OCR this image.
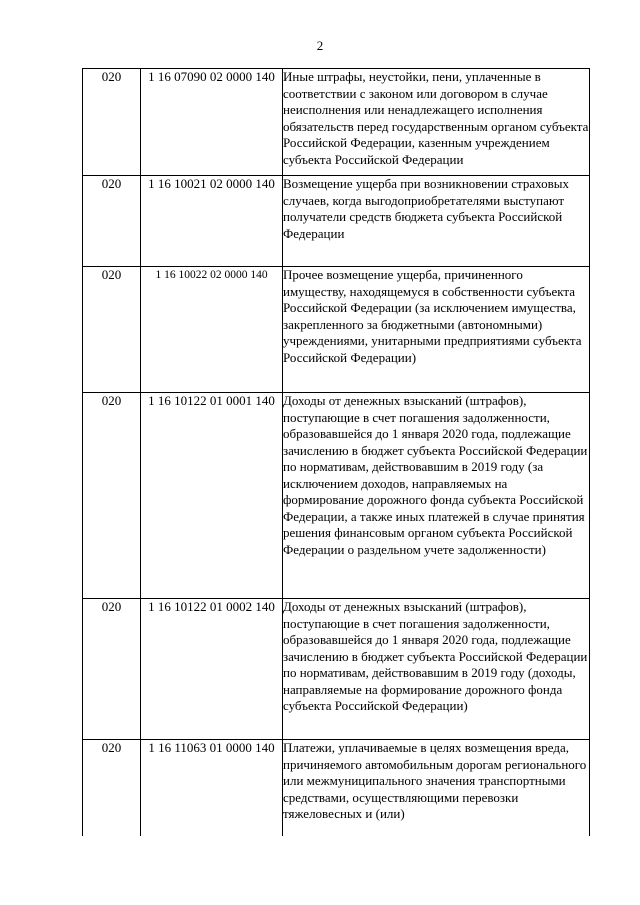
2
020	1 16 07090 02 0000 140	Иные штрафы, неустойки, пени, уплаченные в соответствии с законом или договором в случае неисполнения или ненадлежащего исполнения обязательств перед государственным органом субъекта Российской Федерации, казенным учреждением субъекта Российской Федерации
020	1 16 10021 02 0000 140	Возмещение ущерба при возникновении страховых случаев, когда выгодоприобретателями выступают получатели средств бюджета субъекта Российской Федерации
020	1 16 10022 02 0000 140	Прочее возмещение ущерба, причиненного имуществу, находящемуся в собственности субъекта Российской Федерации (за исключением имущества, закрепленного за бюджетными (автономными) учреждениями, унитарными предприятиями субъекта Российской Федерации)
020	1 16 10122 01 0001 140	Доходы от денежных взысканий (штрафов), поступающие в счет погашения задолженности, образовавшейся до 1 января 2020 года, подлежащие зачислению в бюджет субъекта Российской Федерации по нормативам, действовавшим в 2019 году (за исключением доходов, направляемых на формирование дорожного фонда субъекта Российской Федерации, а также иных платежей в случае принятия решения финансовым органом субъекта Российской Федерации о раздельном учете задолженности)
020	1 16 10122 01 0002 140	Доходы от денежных взысканий (штрафов), поступающие в счет погашения задолженности, образовавшейся до 1 января 2020 года, подлежащие зачислению в бюджет субъекта Российской Федерации по нормативам, действовавшим в 2019 году (доходы, направляемые на формирование дорожного фонда субъекта Российской Федерации)
020	1 16 11063 01 0000 140	Платежи, уплачиваемые в целях возмещения вреда, причиняемого автомобильным дорогам регионального или межмуниципального значения транспортными средствами, осуществляющими перевозки тяжеловесных и (или)
